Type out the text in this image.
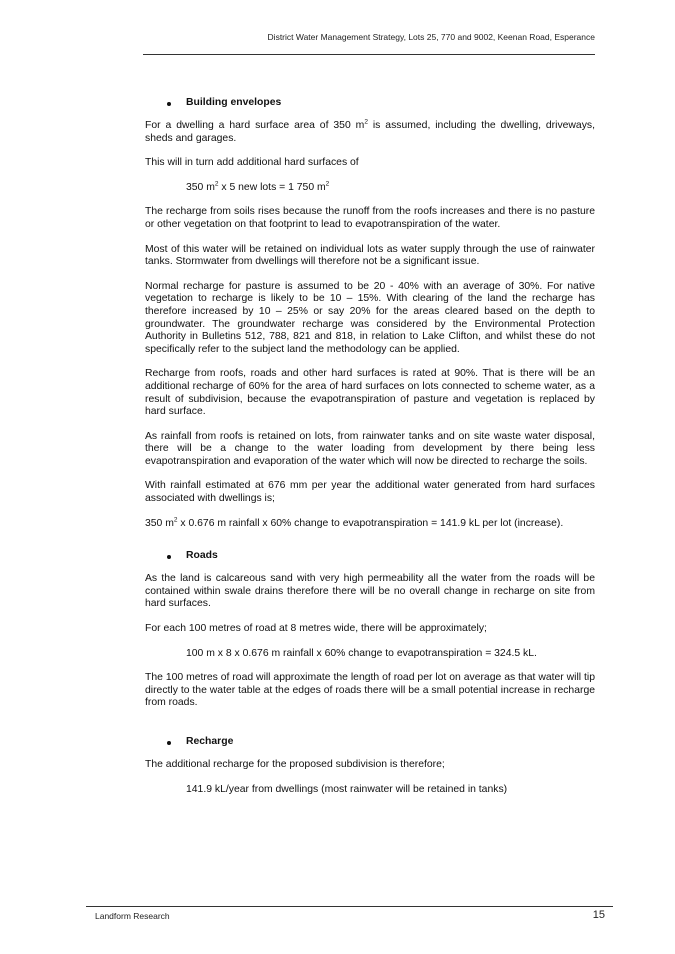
District Water Management Strategy, Lots 25, 770 and 9002, Keenan Road, Esperance
Building envelopes

For a dwelling a hard surface area of 350 $m^2$ is assumed, including the dwelling, driveways, sheds and garages.

This will in turn add additional hard surfaces of

350 $m^2$ x 5 new lots = 1 750 $m^2$

The recharge from soils rises because the runoff from the roofs increases and there is no pasture or other vegetation on that footprint to lead to evapotranspiration of the water.

Most of this water will be retained on individual lots as water supply through the use of rainwater tanks. Stormwater from dwellings will therefore not be a significant issue.

Normal recharge for pasture is assumed to be 20 - 40% with an average of 30%. For native vegetation to recharge is likely to be 10 – 15%. With clearing of the land the recharge has therefore increased by 10 – 25% or say 20% for the areas cleared based on the depth to groundwater. The groundwater recharge was considered by the Environmental Protection Authority in Bulletins 512, 788, 821 and 818, in relation to Lake Clifton, and whilst these do not specifically refer to the subject land the methodology can be applied.

Recharge from roofs, roads and other hard surfaces is rated at 90%. That is there will be an additional recharge of 60% for the area of hard surfaces on lots connected to scheme water, as a result of subdivision, because the evapotranspiration of pasture and vegetation is replaced by hard surface.

As rainfall from roofs is retained on lots, from rainwater tanks and on site waste water disposal, there will be a change to the water loading from development by there being less evapotranspiration and evaporation of the water which will now be directed to recharge the soils.

With rainfall estimated at 676 mm per year the additional water generated from hard surfaces associated with dwellings is;

350 $m^2$ x 0.676 m rainfall x 60% change to evapotranspiration = 141.9 kL per lot (increase).

Roads

As the land is calcareous sand with very high permeability all the water from the roads will be contained within swale drains therefore there will be no overall change in recharge on site from hard surfaces.

For each 100 metres of road at 8 metres wide, there will be approximately;

100 m x 8 x 0.676 m rainfall x 60% change to evapotranspiration = 324.5 kL.

The 100 metres of road will approximate the length of road per lot on average as that water will tip directly to the water table at the edges of roads there will be a small potential increase in recharge from roads.

Recharge

The additional recharge for the proposed subdivision is therefore;

141.9 kL/year from dwellings (most rainwater will be retained in tanks)

Landform Research	15
